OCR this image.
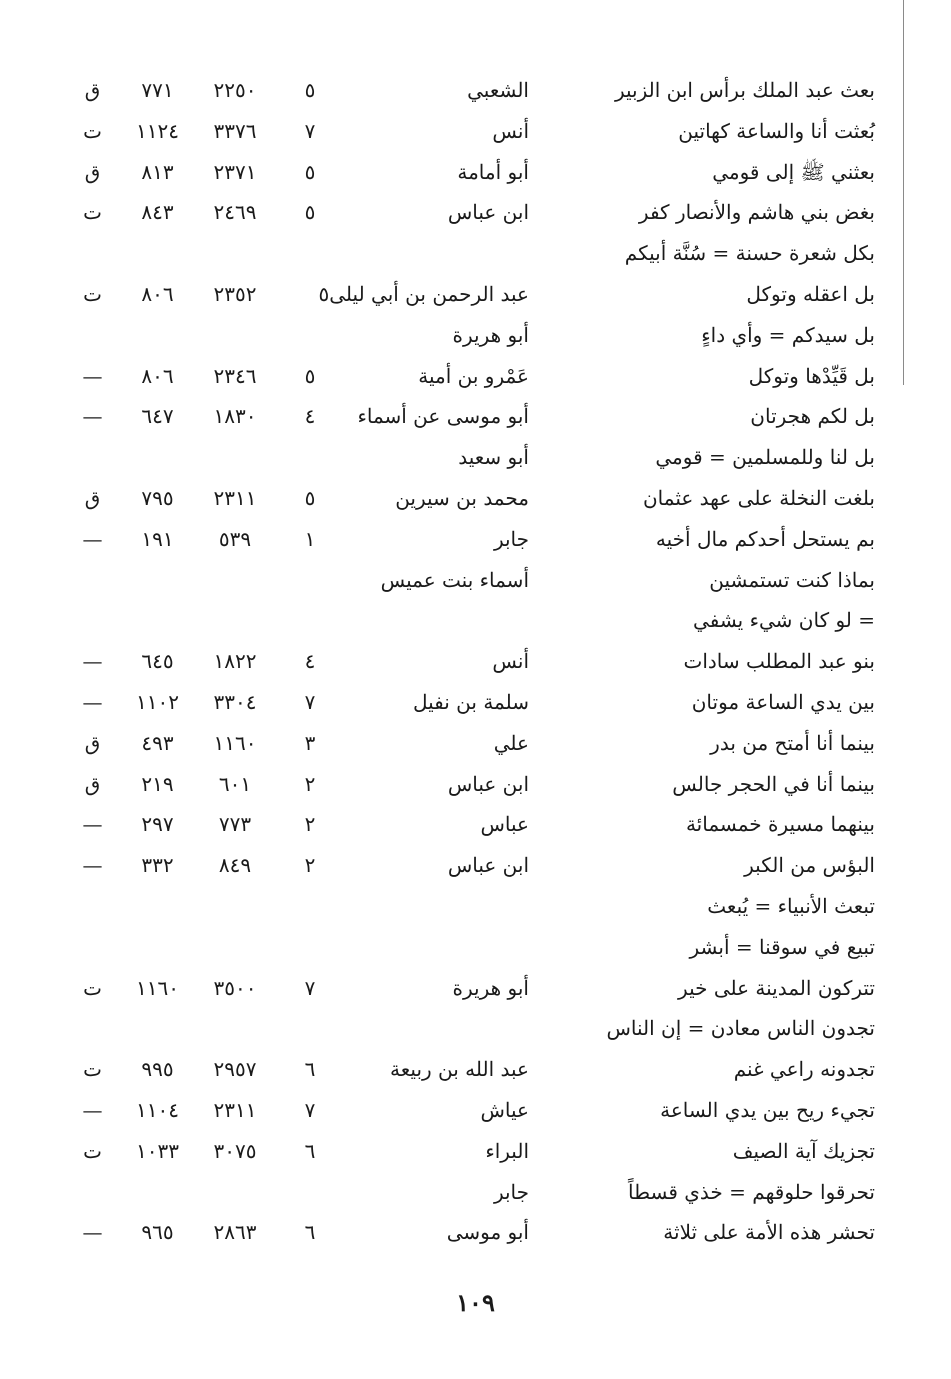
بعث عبد الملك برأس ابن الزبير
الشعبي
٥
٢٢٥٠
٧٧١
ق
بُعثت أنا والساعة كهاتين
أنس
٧
٣٣٧٦
١١٢٤
ت
بعثني ﷺ إلى قومي
أبو أمامة
٥
٢٣٧١
٨١٣
ق
بغض بني هاشم والأنصار كفر
ابن عباس
٥
٢٤٦٩
٨٤٣
ت
بكل شعرة حسنة = سُنَّة أبيكم
بل اعقله وتوكل
عبد الرحمن بن أبي ليلى٥
٢٣٥٢
٨٠٦
ت
بل سيدكم = وأي داءٍ
أبو هريرة
بل قَيِّدْها وتوكل
عَمْرو بن أمية
٥
٢٣٤٦
٨٠٦
—
بل لكم هجرتان
أبو موسى عن أسماء
٤
١٨٣٠
٦٤٧
—
بل لنا وللمسلمين = قومي
أبو سعيد
بلغت النخلة على عهد عثمان
محمد بن سيرين
٥
٢٣١١
٧٩٥
ق
بم يستحل أحدكم مال أخيه
جابر
١
٥٣٩
١٩١
—
بماذا كنت تستمشين
أسماء بنت عميس
= لو كان شيء يشفي
بنو عبد المطلب سادات
أنس
٤
١٨٢٢
٦٤٥
—
بين يدي الساعة موتان
سلمة بن نفيل
٧
٣٣٠٤
١١٠٢
—
بينما أنا أمتح من بدر
علي
٣
١١٦٠
٤٩٣
ق
بينما أنا في الحجر جالس
ابن عباس
٢
٦٠١
٢١٩
ق
بينهما مسيرة خمسمائة
عباس
٢
٧٧٣
٢٩٧
—
البؤس من الكبر
ابن عباس
٢
٨٤٩
٣٣٢
—
تبعث الأنبياء = يُبعث
تبيع في سوقنا = أبشر
تتركون المدينة على خير
أبو هريرة
٧
٣٥٠٠
١١٦٠
ت
تجدون الناس معادن = إن الناس
تجدونه راعي غنم
عبد الله بن ربيعة
٦
٢٩٥٧
٩٩٥
ت
تجيء ريح بين يدي الساعة
عياش
٧
٢٣١١
١١٠٤
—
تجزيك آية الصيف
البراء
٦
٣٠٧٥
١٠٣٣
ت
تحرقوا حلوقهم = خذي قسطاً
جابر
تحشر هذه الأمة على ثلاثة
أبو موسى
٦
٢٨٦٣
٩٦٥
—
١٠٩
